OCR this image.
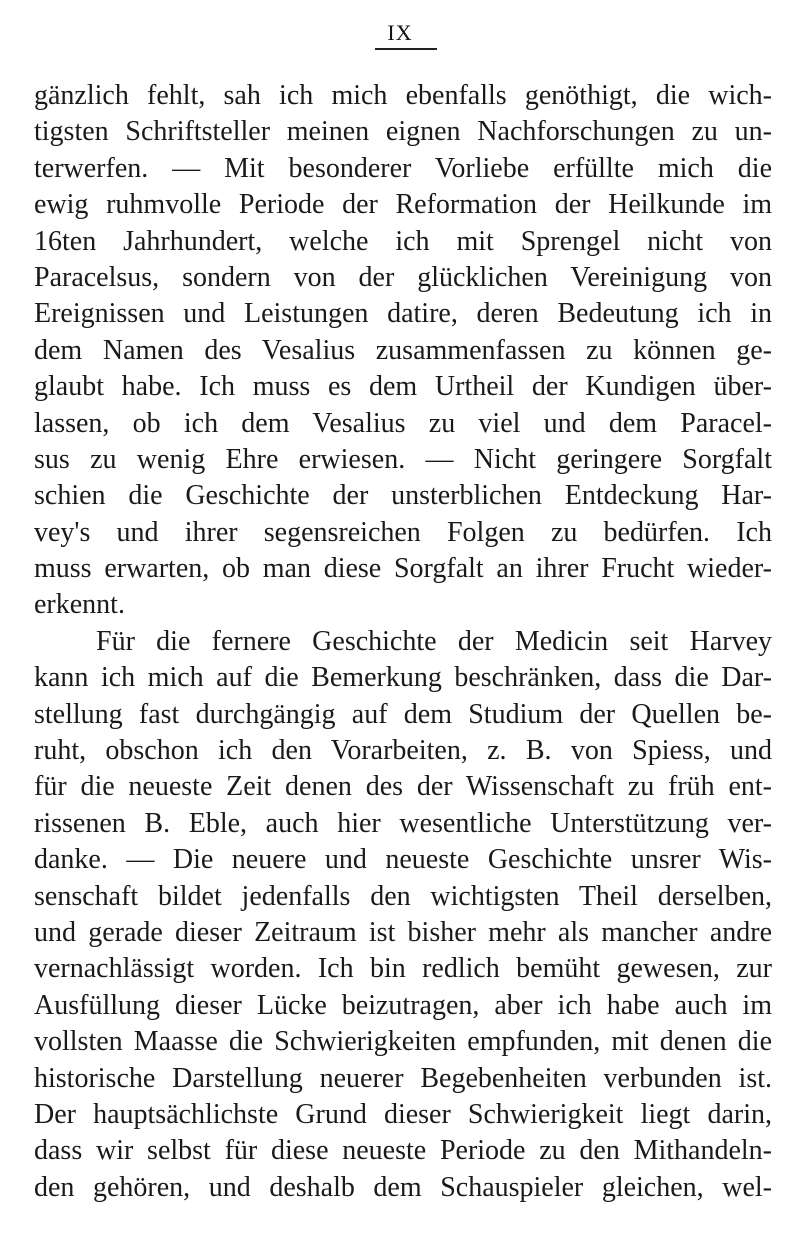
IX
gänzlich fehlt, sah ich mich ebenfalls genöthigt, die wich-
tigsten Schriftsteller meinen eignen Nachforschungen zu un-
terwerfen. — Mit besonderer Vorliebe erfüllte mich die
ewig ruhmvolle Periode der Reformation der Heilkunde im
16ten Jahrhundert, welche ich mit Sprengel nicht von
Paracelsus, sondern von der glücklichen Vereinigung von
Ereignissen und Leistungen datire, deren Bedeutung ich in
dem Namen des Vesalius zusammenfassen zu können ge-
glaubt habe. Ich muss es dem Urtheil der Kundigen über-
lassen, ob ich dem Vesalius zu viel und dem Paracel-
sus zu wenig Ehre erwiesen. — Nicht geringere Sorgfalt
schien die Geschichte der unsterblichen Entdeckung Har-
vey's und ihrer segensreichen Folgen zu bedürfen. Ich
muss erwarten, ob man diese Sorgfalt an ihrer Frucht wieder-
erkennt.
Für die fernere Geschichte der Medicin seit Harvey
kann ich mich auf die Bemerkung beschränken, dass die Dar-
stellung fast durchgängig auf dem Studium der Quellen be-
ruht, obschon ich den Vorarbeiten, z. B. von Spiess, und
für die neueste Zeit denen des der Wissenschaft zu früh ent-
rissenen B. Eble, auch hier wesentliche Unterstützung ver-
danke. — Die neuere und neueste Geschichte unsrer Wis-
senschaft bildet jedenfalls den wichtigsten Theil derselben,
und gerade dieser Zeitraum ist bisher mehr als mancher andre
vernachlässigt worden. Ich bin redlich bemüht gewesen, zur
Ausfüllung dieser Lücke beizutragen, aber ich habe auch im
vollsten Maasse die Schwierigkeiten empfunden, mit denen die
historische Darstellung neuerer Begebenheiten verbunden ist.
Der hauptsächlichste Grund dieser Schwierigkeit liegt darin,
dass wir selbst für diese neueste Periode zu den Mithandeln-
den gehören, und deshalb dem Schauspieler gleichen, wel-
